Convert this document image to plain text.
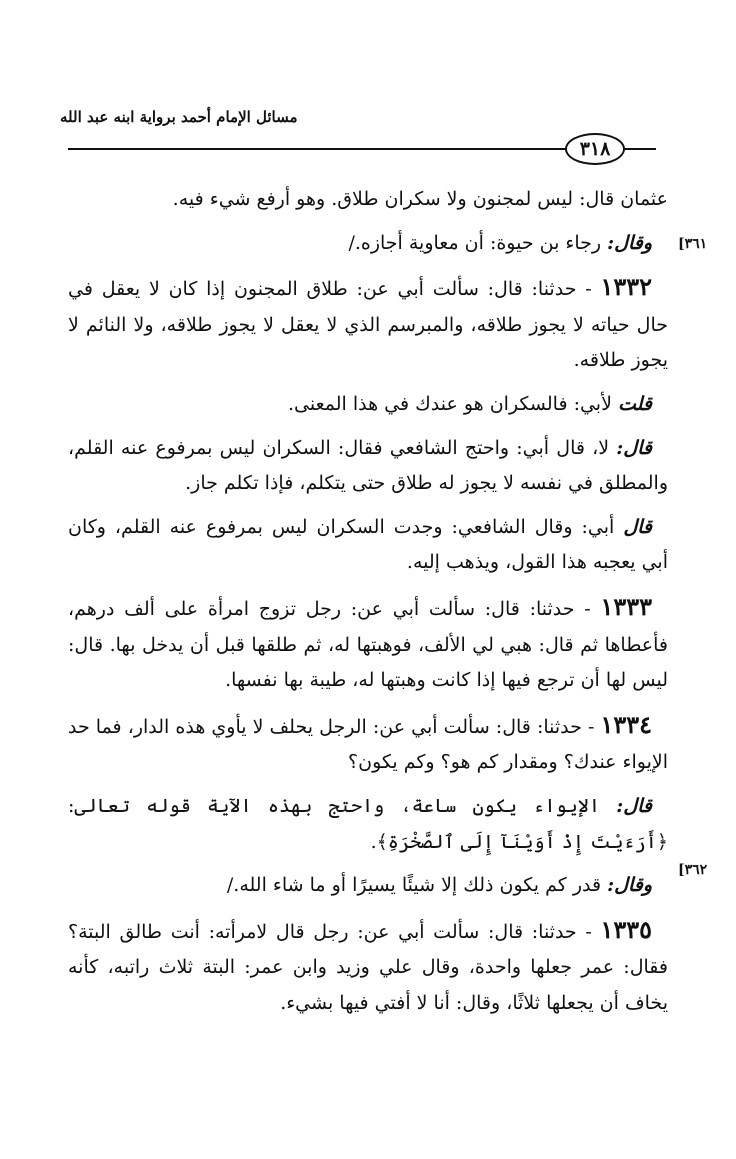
مسائل الإمام أحمد برواية ابنه عبد الله
٣١٨
[٣٦١
[٣٦٢

عثمان قال: ليس لمجنون ولا سكران طلاق. وهو أرفع شيء فيه.

وقال: رجاء بن حيوة: أن معاوية أجازه./

١٣٣٢ - حدثنا: قال: سألت أبي عن: طلاق المجنون إذا كان لا يعقل في حال حياته لا يجوز طلاقه، والمبرسم الذي لا يعقل لا يجوز طلاقه، ولا النائم لا يجوز طلاقه.

قلت لأبي: فالسكران هو عندك في هذا المعنى.

قال: لا، قال أبي: واحتج الشافعي فقال: السكران ليس بمرفوع عنه القلم، والمطلق في نفسه لا يجوز له طلاق حتى يتكلم، فإذا تكلم جاز.

قال أبي: وقال الشافعي: وجدت السكران ليس بمرفوع عنه القلم، وكان أبي يعجبه هذا القول، ويذهب إليه.

١٣٣٣ - حدثنا: قال: سألت أبي عن: رجل تزوج امرأة على ألف درهم، فأعطاها ثم قال: هبي لي الألف، فوهبتها له، ثم طلقها قبل أن يدخل بها. قال: ليس لها أن ترجع فيها إذا كانت وهبتها له، طيبة بها نفسها.

١٣٣٤ - حدثنا: قال: سألت أبي عن: الرجل يحلف لا يأوي هذه الدار، فما حد الإيواء عندك؟ ومقدار كم هو؟ وكم يكون؟

قال: الإيواء يكون ساعة، واحتج بهذه الآية قوله تعالى: ﴿أَرَءَيْتَ إِذْ أَوَيْنَآ إِلَى ٱلصَّخْرَةِ﴾.

وقال: قدر كم يكون ذلك إلا شيئًا يسيرًا أو ما شاء الله./

١٣٣٥ - حدثنا: قال: سألت أبي عن: رجل قال لامرأته: أنت طالق البتة؟ فقال: عمر جعلها واحدة، وقال علي وزيد وابن عمر: البتة ثلاث راتبه، كأنه يخاف أن يجعلها ثلاثًا، وقال: أنا لا أفتي فيها بشيء.
